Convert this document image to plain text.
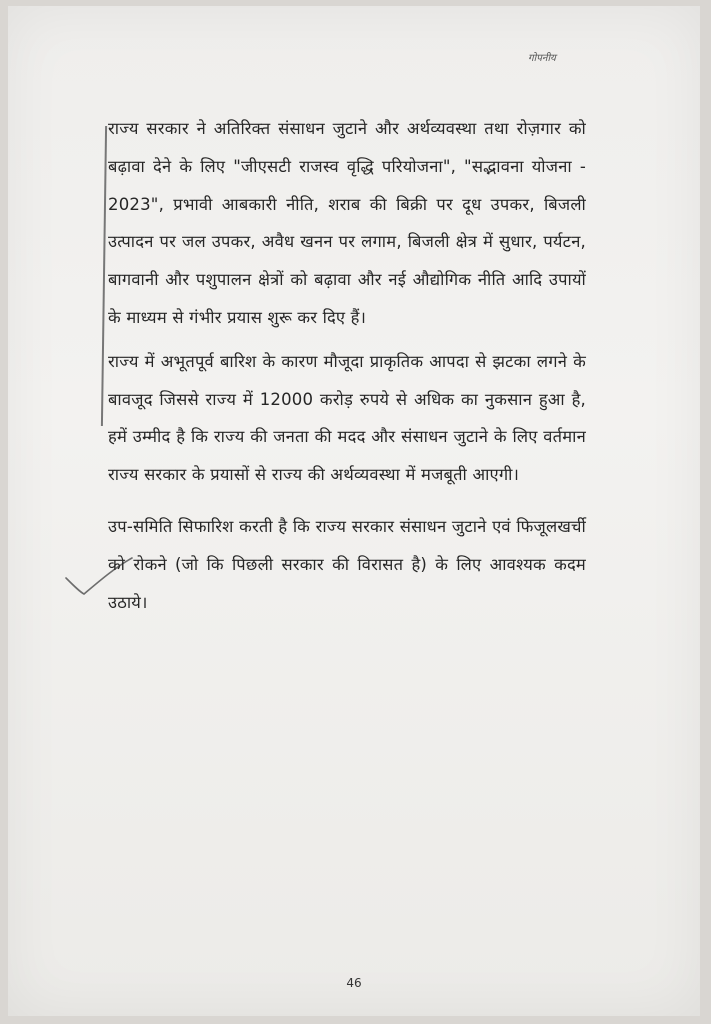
गोपनीय

राज्य सरकार ने अतिरिक्त संसाधन जुटाने और अर्थव्यवस्था तथा रोज़गार को बढ़ावा देने के लिए "जीएसटी राजस्व वृद्धि परियोजना", "सद्भावना योजना - 2023", प्रभावी आबकारी नीति, शराब की बिक्री पर दूध उपकर, बिजली उत्पादन पर जल उपकर, अवैध खनन पर लगाम, बिजली क्षेत्र में सुधार, पर्यटन, बागवानी और पशुपालन क्षेत्रों को बढ़ावा और नई औद्योगिक नीति आदि उपायों के माध्यम से गंभीर प्रयास शुरू कर दिए हैं।

राज्य में अभूतपूर्व बारिश के कारण मौजूदा प्राकृतिक आपदा से झटका लगने के बावजूद जिससे राज्य में 12000 करोड़ रुपये से अधिक का नुकसान हुआ है, हमें उम्मीद है कि राज्य की जनता की मदद और संसाधन जुटाने के लिए वर्तमान राज्य सरकार के प्रयासों से राज्य की अर्थव्यवस्था में मजबूती आएगी।

उप-समिति सिफारिश करती है कि राज्य सरकार संसाधन जुटाने एवं फिजूलखर्ची को रोकने (जो कि पिछली सरकार की विरासत है) के लिए आवश्यक कदम उठाये।

46
